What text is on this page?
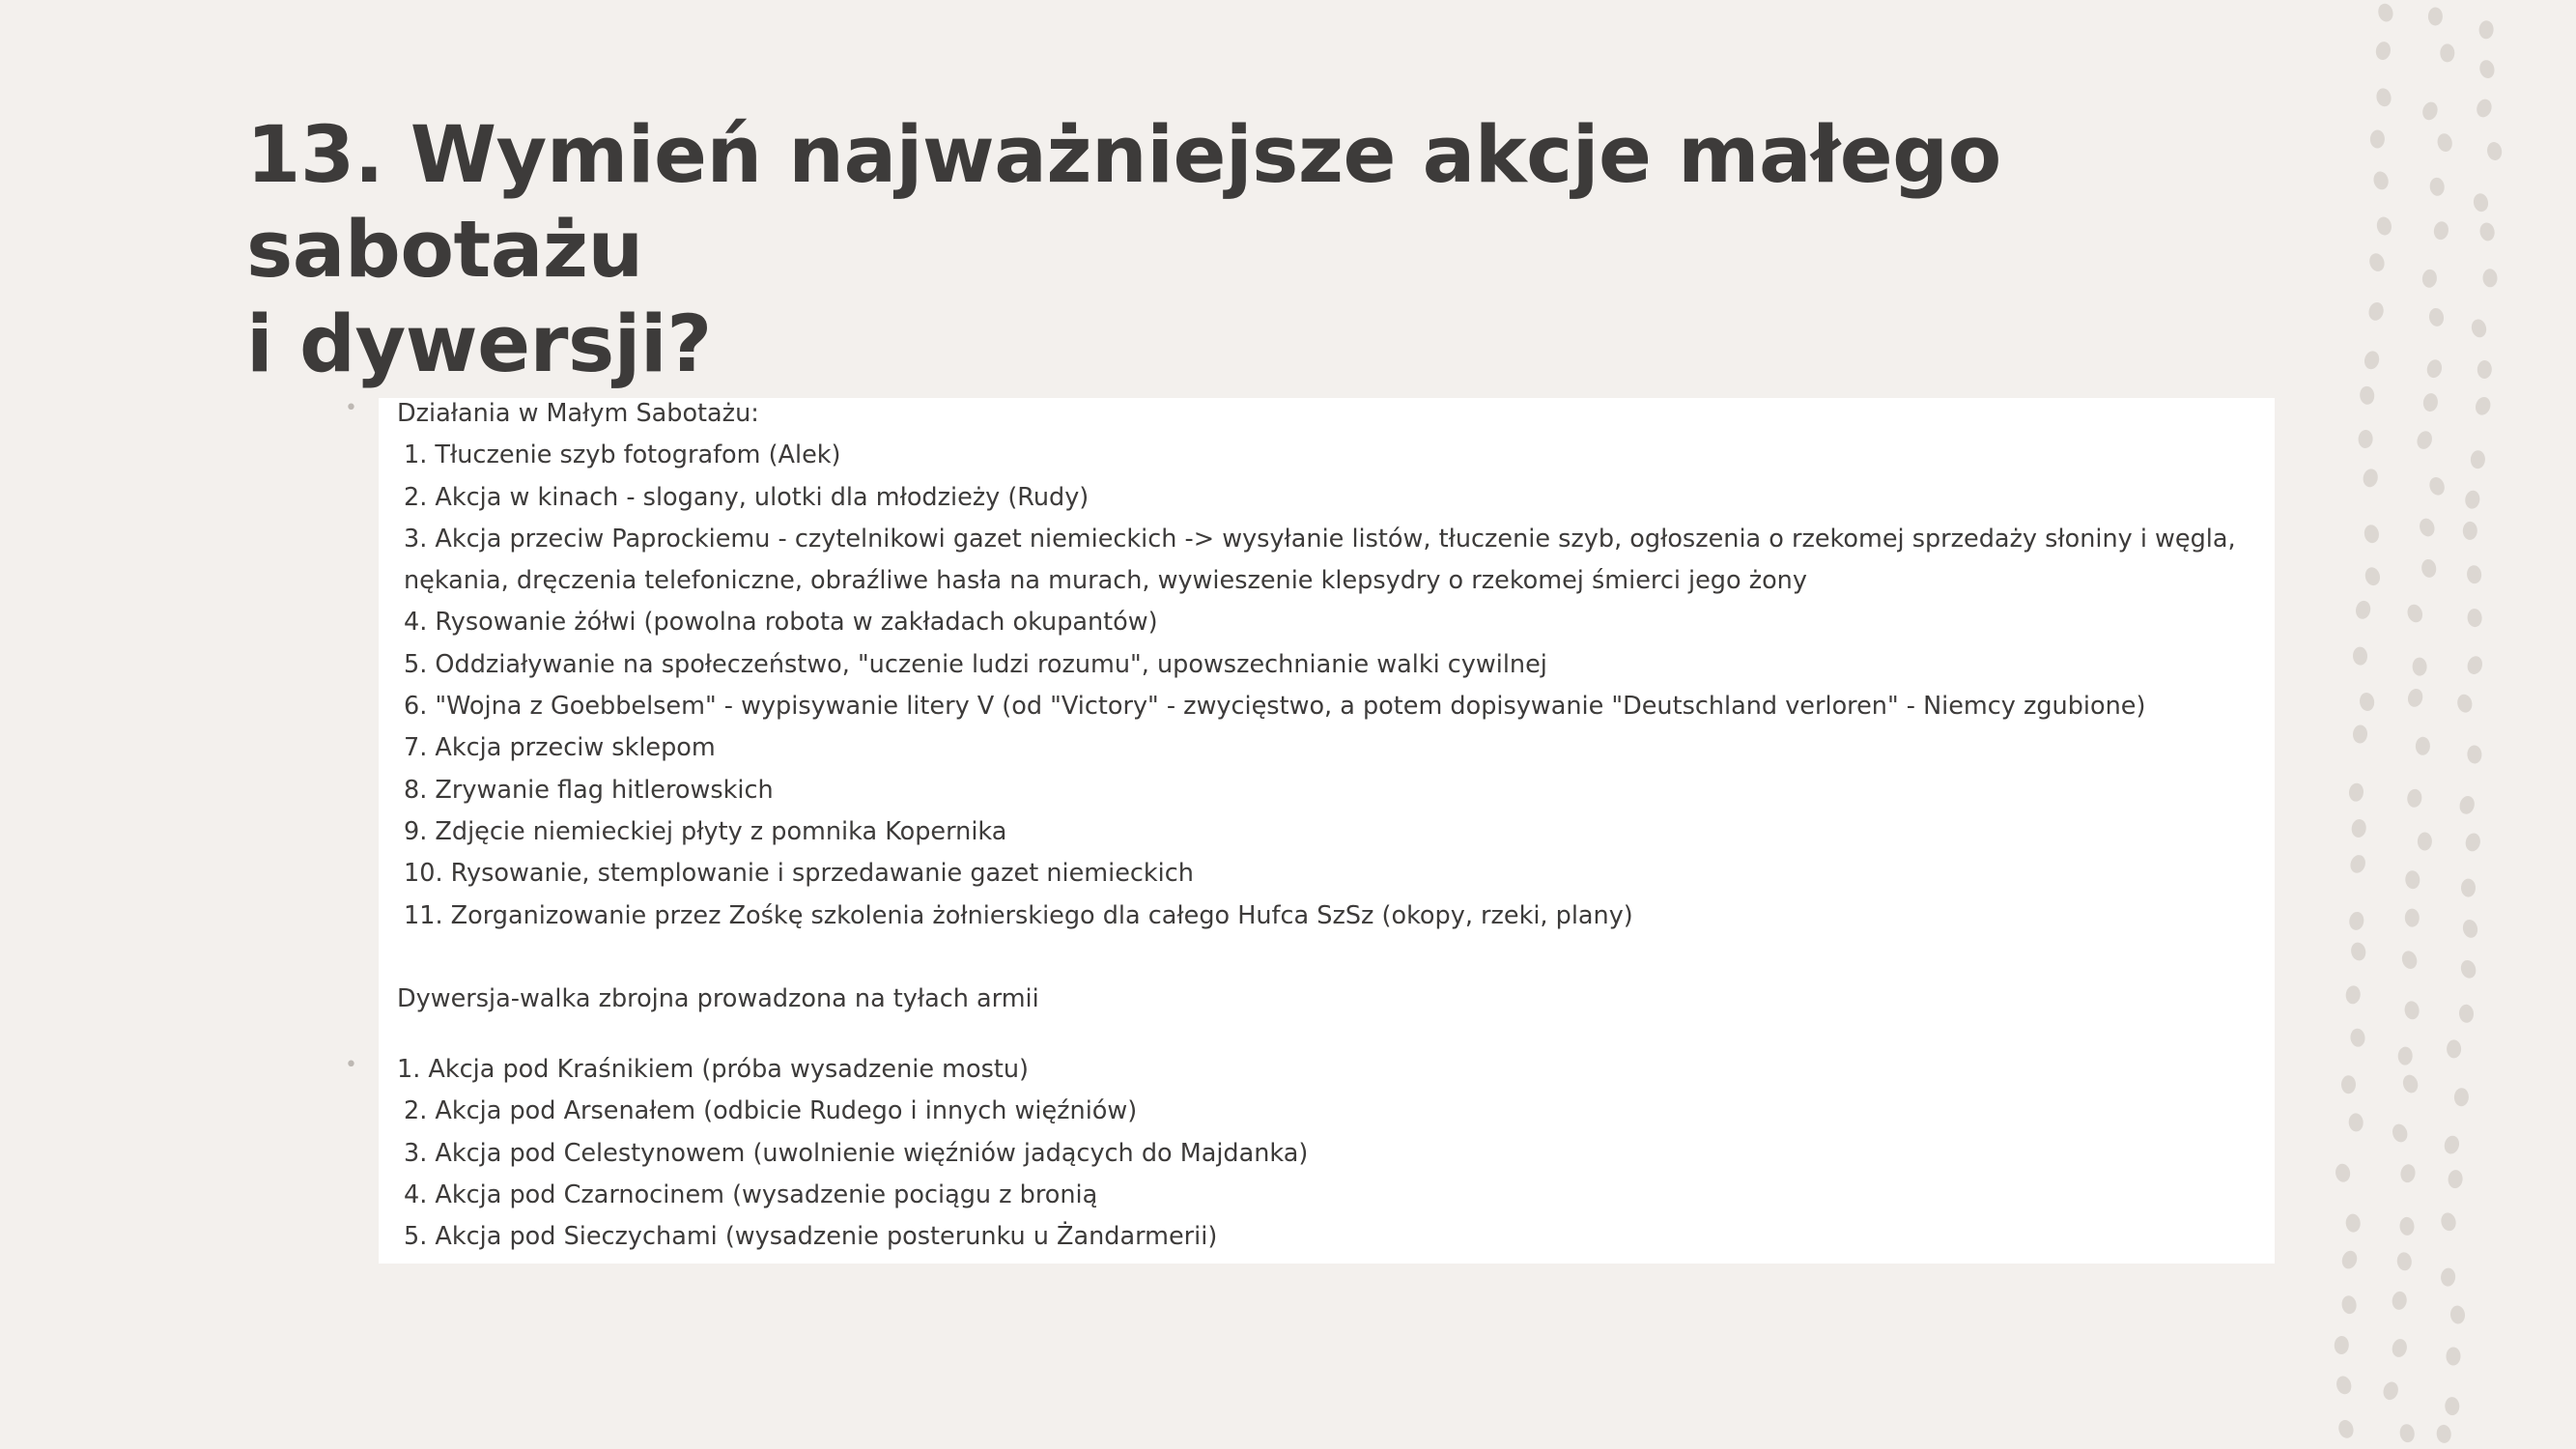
13. Wymień najważniejsze akcje małego sabotażu
i dywersji?
•
•
Działania w Małym Sabotażu:
1. Tłuczenie szyb fotografom (Alek)
2. Akcja w kinach - slogany, ulotki dla młodzieży (Rudy)
3. Akcja przeciw Paprockiemu - czytelnikowi gazet niemieckich -> wysyłanie listów, tłuczenie szyb, ogłoszenia o rzekomej sprzedaży słoniny i węgla, nękania, dręczenia telefoniczne, obraźliwe hasła na murach, wywieszenie klepsydry o rzekomej śmierci jego żony
4. Rysowanie żółwi (powolna robota w zakładach okupantów)
5. Oddziaływanie na społeczeństwo, "uczenie ludzi rozumu", upowszechnianie walki cywilnej
6. "Wojna z Goebbelsem" - wypisywanie litery V (od "Victory" - zwycięstwo, a potem dopisywanie "Deutschland verloren" - Niemcy zgubione)
7. Akcja przeciw sklepom
8. Zrywanie flag hitlerowskich
9. Zdjęcie niemieckiej płyty z pomnika Kopernika
10. Rysowanie, stemplowanie i sprzedawanie gazet niemieckich
11. Zorganizowanie przez Zośkę szkolenia żołnierskiego dla całego Hufca SzSz (okopy, rzeki, plany)
Dywersja-walka zbrojna prowadzona na tyłach armii
1. Akcja pod Kraśnikiem (próba wysadzenie mostu)
2. Akcja pod Arsenałem (odbicie Rudego i innych więźniów)
3. Akcja pod Celestynowem (uwolnienie więźniów jadących do Majdanka)
4. Akcja pod Czarnocinem (wysadzenie pociągu z bronią
5. Akcja pod Sieczychami (wysadzenie posterunku u Żandarmerii)
